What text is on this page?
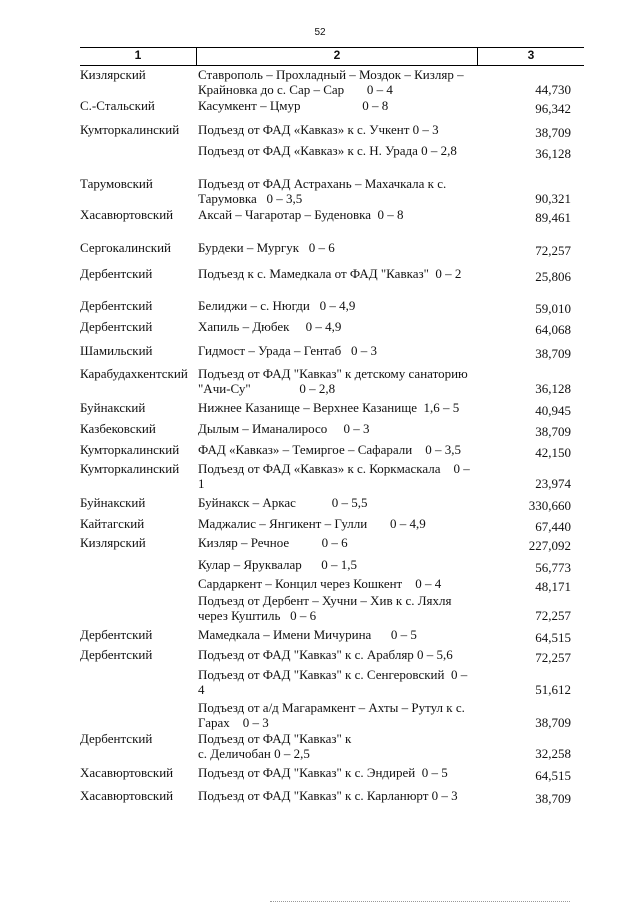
52
1	2	3
Кизлярский	Ставрополь – Прохладный – Моздок – Кизляр –
Крайновка до с. Сар – Сар       0 – 4	44,730
С.-Стальский	Касумкент – Цмур                   0 – 8	96,342
Кумторкалинский	Подъезд от ФАД «Кавказ» к с. Учкент 0 – 3	38,709
Подъезд от ФАД «Кавказ» к с. Н. Урада 0 – 2,8	36,128
Тарумовский	Подъезд от ФАД Астрахань – Махачкала к с.
Тарумовка   0 – 3,5	90,321
Хасавюртовский	Аксай – Чагаротар – Буденовка  0 – 8	89,461
Сергокалинский	Бурдеки – Мургук   0 – 6	72,257
Дербентский	Подъезд к с. Мамедкала от ФАД "Кавказ"  0 – 2	25,806
Дербентский	Белиджи – с. Нюгди   0 – 4,9	59,010
Дербентский	Хапиль – Дюбек     0 – 4,9	64,068
Шамильский	Гидмост – Урада – Гентаб   0 – 3	38,709
Карабудахкентский Подъезд от ФАД "Кавказ" к детскому санаторию
"Ачи-Су"               0 – 2,8	36,128
Буйнакский	Нижнее Казанище – Верхнее Казанище  1,6 – 5	40,945
Казбековский	Дылым – Иманалиросо     0 – 3	38,709
Кумторкалинский	ФАД «Кавказ» – Темиргое – Сафарали    0 – 3,5	42,150
Кумторкалинский	Подъезд от ФАД «Кавказ» к с. Коркмаскала    0 –
1	23,974
Буйнакский	Буйнакск – Аркас           0 – 5,5	330,660
Кайтагский	Маджалис – Янгикент – Гулли       0 – 4,9	67,440
Кизлярский	Кизляр – Речное          0 – 6	227,092
Кулар – Яруквалар      0 – 1,5	56,773
Сардаркент – Концил через Кошкент    0 – 4	48,171
Подъезд от Дербент – Хучни – Хив к с. Ляхля
через Куштиль   0 – 6	72,257
Дербентский	Мамедкала – Имени Мичурина      0 – 5	64,515
Дербентский	Подъезд от ФАД "Кавказ" к с. Арабляр 0 – 5,6	72,257
Подъезд от ФАД "Кавказ" к с. Сенгеровский  0 –
4	51,612
Подъезд от а/д Магарамкент – Ахты – Рутул к с.
Гарах    0 – 3	38,709
Дербентский	Подъезд от ФАД "Кавказ" к
с. Деличобан 0 – 2,5	32,258
Хасавюртовский	Подъезд от ФАД "Кавказ" к с. Эндирей  0 – 5	64,515
Хасавюртовский	Подъезд от ФАД "Кавказ" к с. Карланюрт 0 – 3	38,709
